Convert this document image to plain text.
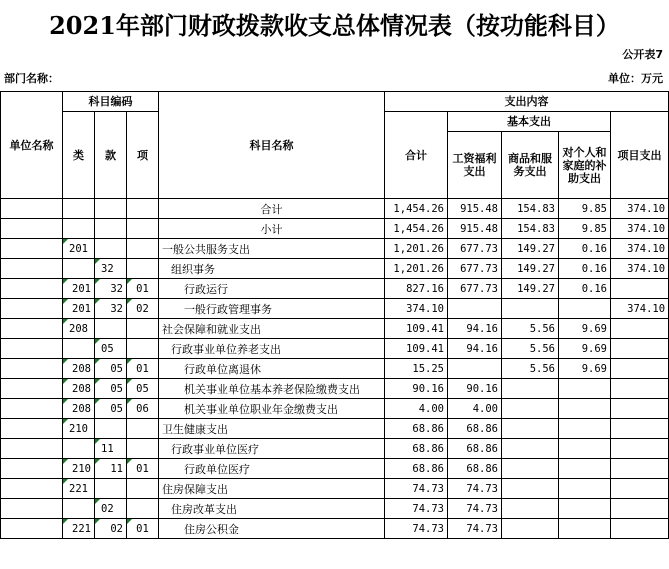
2021年部门财政拨款收支总体情况表（按功能科目）
公开表7
部门名称：	单位：万元
单位名称	科目编码			科目名称	支出内容				
	类	款	项		合计	基本支出			项目支出
						工资福利支出	商品和服务支出	对个人和家庭的补助支出	
				合计	1,454.26	915.48	154.83	9.85	374.10
				小计	1,454.26	915.48	154.83	9.85	374.10
	201			一般公共服务支出	1,201.26	677.73	149.27	0.16	374.10
		32		组织事务	1,201.26	677.73	149.27	0.16	374.10
	201	32	01	行政运行	827.16	677.73	149.27	0.16	
	201	32	02	一般行政管理事务	374.10				374.10
	208			社会保障和就业支出	109.41	94.16	5.56	9.69	
		05		行政事业单位养老支出	109.41	94.16	5.56	9.69	
	208	05	01	行政单位离退休	15.25		5.56	9.69	
	208	05	05	机关事业单位基本养老保险缴费支出	90.16	90.16			
	208	05	06	机关事业单位职业年金缴费支出	4.00	4.00			
	210			卫生健康支出	68.86	68.86			
		11		行政事业单位医疗	68.86	68.86			
	210	11	01	行政单位医疗	68.86	68.86			
	221			住房保障支出	74.73	74.73			
		02		住房改革支出	74.73	74.73			
	221	02	01	住房公积金	74.73	74.73			
